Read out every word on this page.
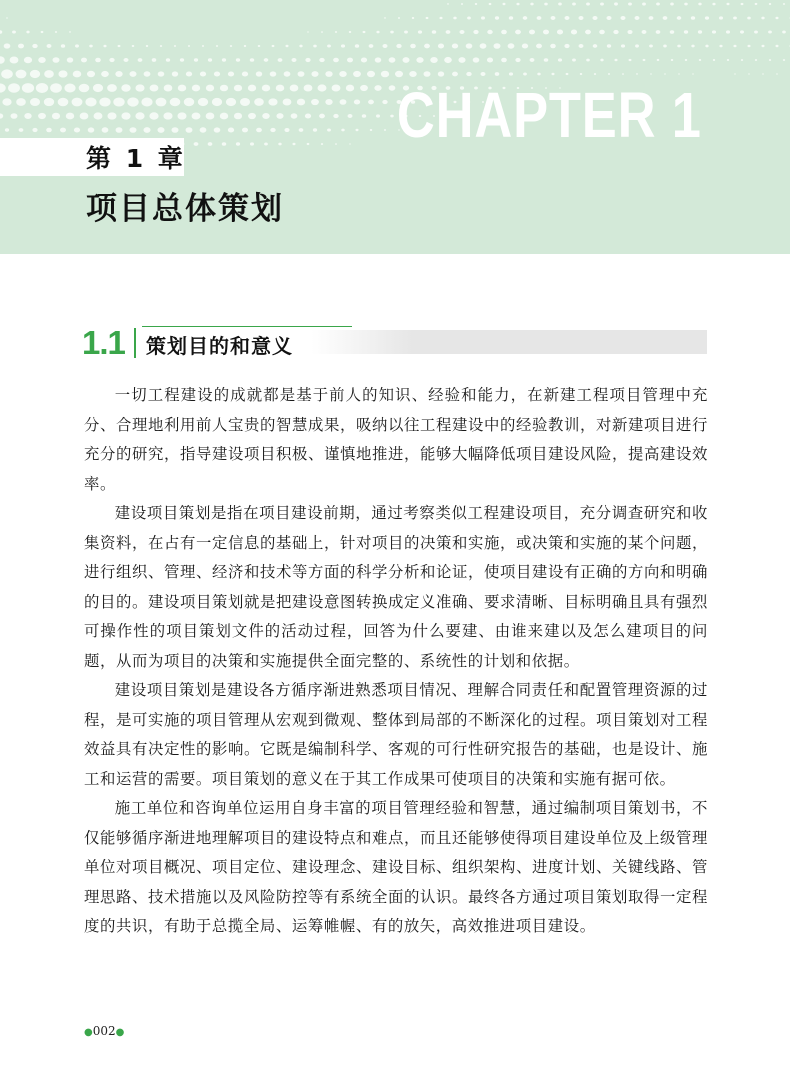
CHAPTER 1
第 1 章
项目总体策划
1.1 策划目的和意义

一切工程建设的成就都是基于前人的知识、经验和能力，在新建工程项目管理中充分、合理地利用前人宝贵的智慧成果，吸纳以往工程建设中的经验教训，对新建项目进行充分的研究，指导建设项目积极、谨慎地推进，能够大幅降低项目建设风险，提高建设效率。

建设项目策划是指在项目建设前期，通过考察类似工程建设项目，充分调查研究和收集资料，在占有一定信息的基础上，针对项目的决策和实施，或决策和实施的某个问题，进行组织、管理、经济和技术等方面的科学分析和论证，使项目建设有正确的方向和明确的目的。建设项目策划就是把建设意图转换成定义准确、要求清晰、目标明确且具有强烈可操作性的项目策划文件的活动过程，回答为什么要建、由谁来建以及怎么建项目的问题，从而为项目的决策和实施提供全面完整的、系统性的计划和依据。

建设项目策划是建设各方循序渐进熟悉项目情况、理解合同责任和配置管理资源的过程，是可实施的项目管理从宏观到微观、整体到局部的不断深化的过程。项目策划对工程效益具有决定性的影响。它既是编制科学、客观的可行性研究报告的基础，也是设计、施工和运营的需要。项目策划的意义在于其工作成果可使项目的决策和实施有据可依。

施工单位和咨询单位运用自身丰富的项目管理经验和智慧，通过编制项目策划书，不仅能够循序渐进地理解项目的建设特点和难点，而且还能够使得项目建设单位及上级管理单位对项目概况、项目定位、建设理念、建设目标、组织架构、进度计划、关键线路、管理思路、技术措施以及风险防控等有系统全面的认识。最终各方通过项目策划取得一定程度的共识，有助于总揽全局、运筹帷幄、有的放矢，高效推进项目建设。

●002●
